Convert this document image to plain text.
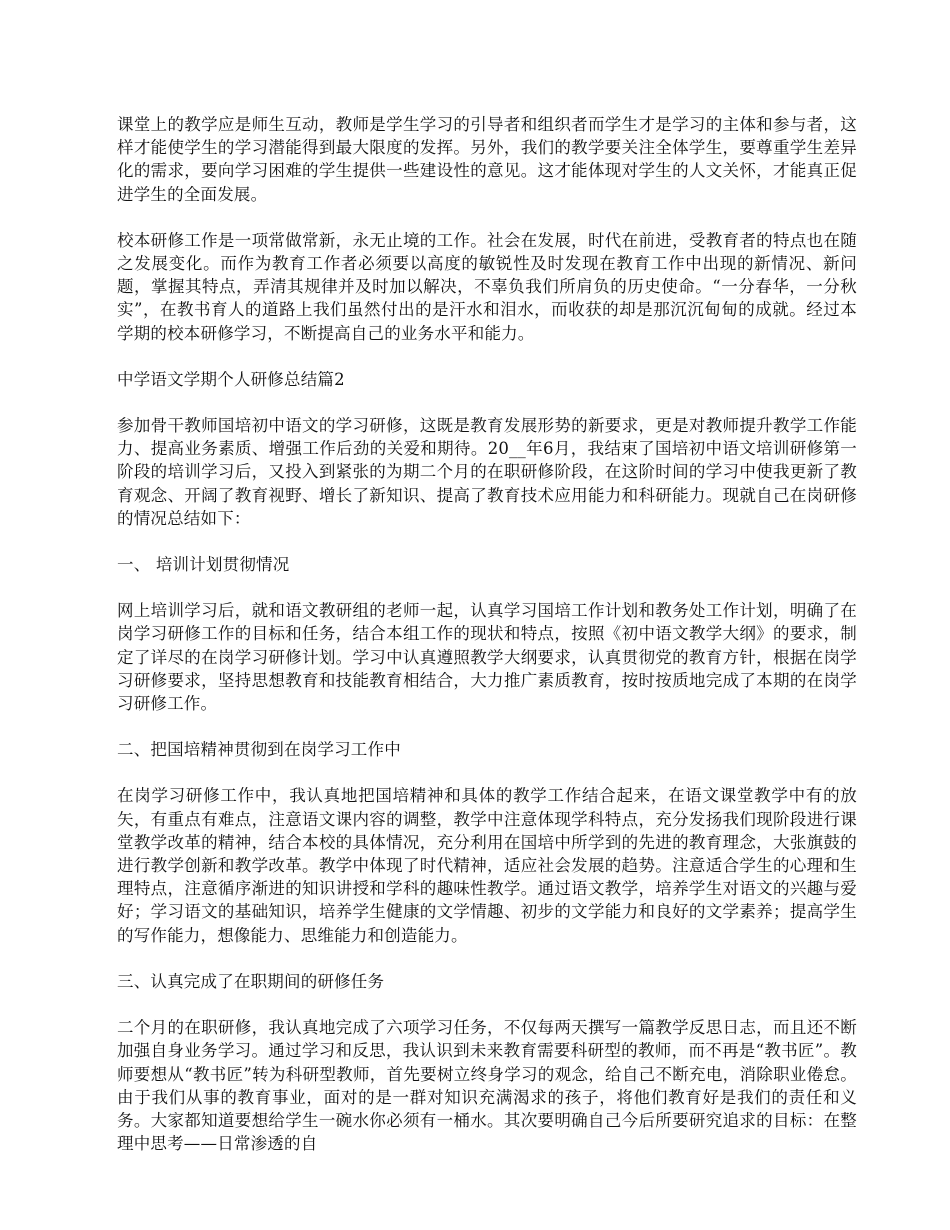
课堂上的教学应是师生互动，教师是学生学习的引导者和组织者而学生才是学习的主体和参与者，这样才能使学生的学习潜能得到最大限度的发挥。另外，我们的教学要关注全体学生，要尊重学生差异化的需求，要向学习困难的学生提供一些建设性的意见。这才能体现对学生的人文关怀，才能真正促进学生的全面发展。

校本研修工作是一项常做常新，永无止境的工作。社会在发展，时代在前进，受教育者的特点也在随之发展变化。而作为教育工作者必须要以高度的敏锐性及时发现在教育工作中出现的新情况、新问题，掌握其特点，弄清其规律并及时加以解决，不辜负我们所肩负的历史使命。“一分春华，一分秋实”，在教书育人的道路上我们虽然付出的是汗水和泪水，而收获的却是那沉沉甸甸的成就。经过本学期的校本研修学习，不断提高自己的业务水平和能力。

中学语文学期个人研修总结篇2

参加骨干教师国培初中语文的学习研修，这既是教育发展形势的新要求，更是对教师提升教学工作能力、提高业务素质、增强工作后劲的关爱和期待。20__年6月，我结束了国培初中语文培训研修第一阶段的培训学习后，又投入到紧张的为期二个月的在职研修阶段，在这阶时间的学习中使我更新了教育观念、开阔了教育视野、增长了新知识、提高了教育技术应用能力和科研能力。现就自己在岗研修的情况总结如下：

一、 培训计划贯彻情况

网上培训学习后，就和语文教研组的老师一起，认真学习国培工作计划和教务处工作计划，明确了在岗学习研修工作的目标和任务，结合本组工作的现状和特点，按照《初中语文教学大纲》的要求，制定了详尽的在岗学习研修计划。学习中认真遵照教学大纲要求，认真贯彻党的教育方针，根据在岗学习研修要求，坚持思想教育和技能教育相结合，大力推广素质教育，按时按质地完成了本期的在岗学习研修工作。

二、把国培精神贯彻到在岗学习工作中

在岗学习研修工作中，我认真地把国培精神和具体的教学工作结合起来，在语文课堂教学中有的放矢，有重点有难点，注意语文课内容的调整，教学中注意体现学科特点，充分发扬我们现阶段进行课堂教学改革的精神，结合本校的具体情况，充分利用在国培中所学到的先进的教育理念，大张旗鼓的进行教学创新和教学改革。教学中体现了时代精神，适应社会发展的趋势。注意适合学生的心理和生理特点，注意循序渐进的知识讲授和学科的趣味性教学。通过语文教学，培养学生对语文的兴趣与爱好；学习语文的基础知识，培养学生健康的文学情趣、初步的文学能力和良好的文学素养；提高学生的写作能力，想像能力、思维能力和创造能力。

三、认真完成了在职期间的研修任务

二个月的在职研修，我认真地完成了六项学习任务，不仅每两天撰写一篇教学反思日志，而且还不断加强自身业务学习。通过学习和反思，我认识到未来教育需要科研型的教师，而不再是“教书匠”。教师要想从“教书匠”转为科研型教师，首先要树立终身学习的观念，给自己不断充电，消除职业倦怠。由于我们从事的教育事业，面对的是一群对知识充满渴求的孩子，将他们教育好是我们的责任和义务。大家都知道要想给学生一碗水你必须有一桶水。其次要明确自己今后所要研究追求的目标：在整理中思考——日常渗透的自
